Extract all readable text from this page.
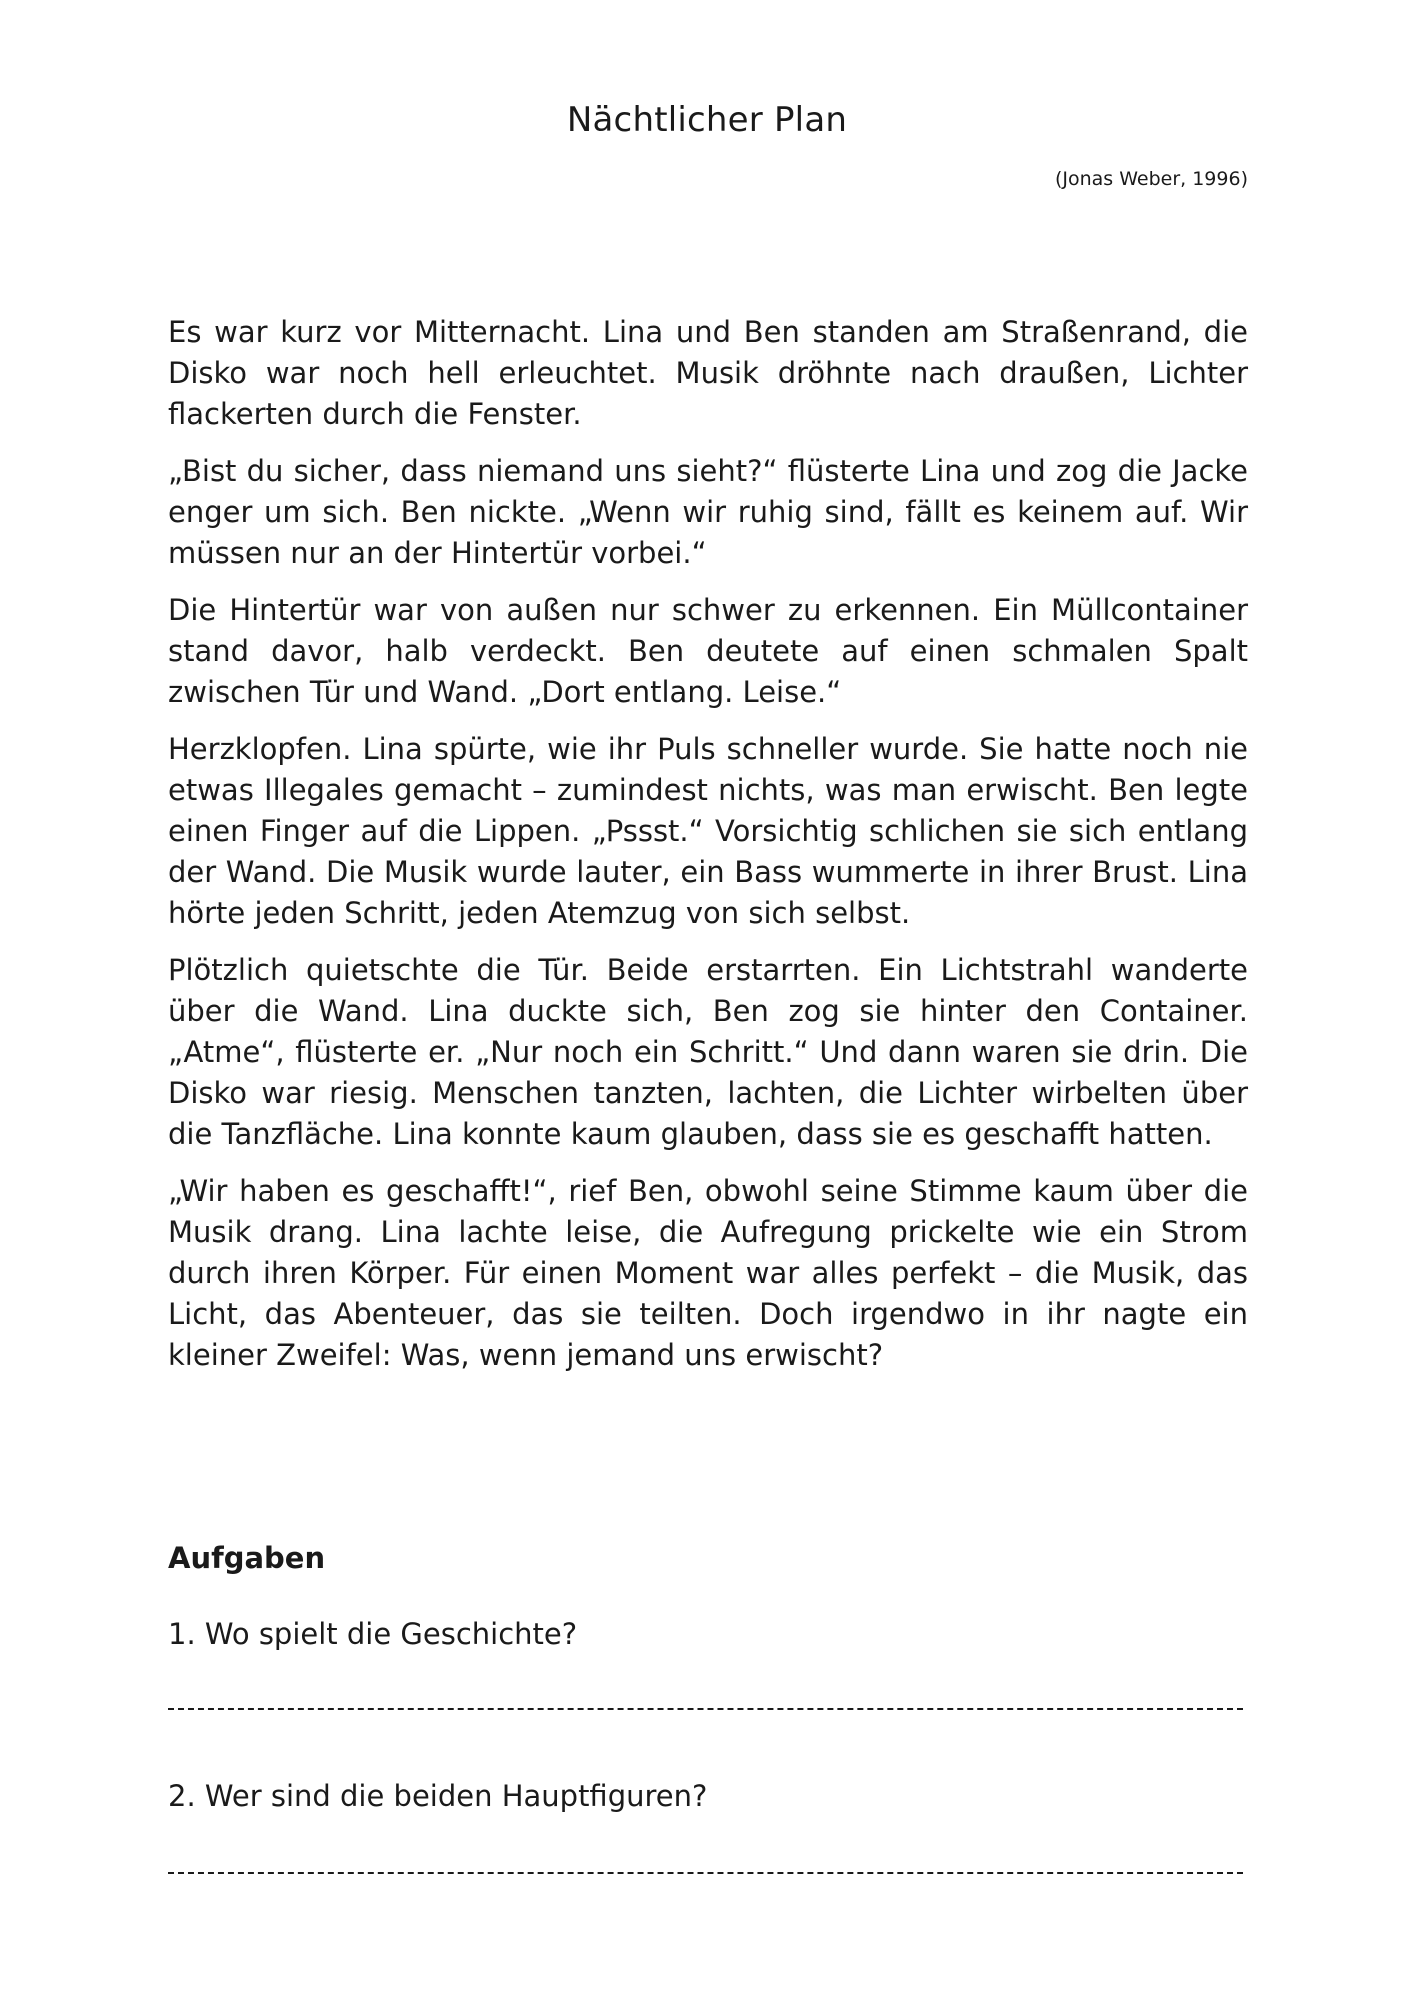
Nächtlicher Plan

(Jonas Weber, 1996)

Es war kurz vor Mitternacht. Lina und Ben standen am Straßenrand, die Disko war noch hell erleuchtet. Musik dröhnte nach draußen, Lichter flackerten durch die Fenster.

„Bist du sicher, dass niemand uns sieht?“ flüsterte Lina und zog die Jacke enger um sich. Ben nickte. „Wenn wir ruhig sind, fällt es keinem auf. Wir müssen nur an der Hintertür vorbei.“

Die Hintertür war von außen nur schwer zu erkennen. Ein Müllcontainer stand davor, halb verdeckt. Ben deutete auf einen schmalen Spalt zwischen Tür und Wand. „Dort entlang. Leise.“

Herzklopfen. Lina spürte, wie ihr Puls schneller wurde. Sie hatte noch nie etwas Illegales gemacht – zumindest nichts, was man erwischt. Ben legte einen Finger auf die Lippen. „Pssst.“ Vorsichtig schlichen sie sich entlang der Wand. Die Musik wurde lauter, ein Bass wummerte in ihrer Brust. Lina hörte jeden Schritt, jeden Atemzug von sich selbst.

Plötzlich quietschte die Tür. Beide erstarrten. Ein Lichtstrahl wanderte über die Wand. Lina duckte sich, Ben zog sie hinter den Container. „Atme“, flüsterte er. „Nur noch ein Schritt.“ Und dann waren sie drin. Die Disko war riesig. Menschen tanzten, lachten, die Lichter wirbelten über die Tanzfläche. Lina konnte kaum glauben, dass sie es geschafft hatten.

„Wir haben es geschafft!“, rief Ben, obwohl seine Stimme kaum über die Musik drang. Lina lachte leise, die Aufregung prickelte wie ein Strom durch ihren Körper. Für einen Moment war alles perfekt – die Musik, das Licht, das Abenteuer, das sie teilten. Doch irgendwo in ihr nagte ein kleiner Zweifel: Was, wenn jemand uns erwischt?

Aufgaben

1. Wo spielt die Geschichte?

2. Wer sind die beiden Hauptfiguren?
